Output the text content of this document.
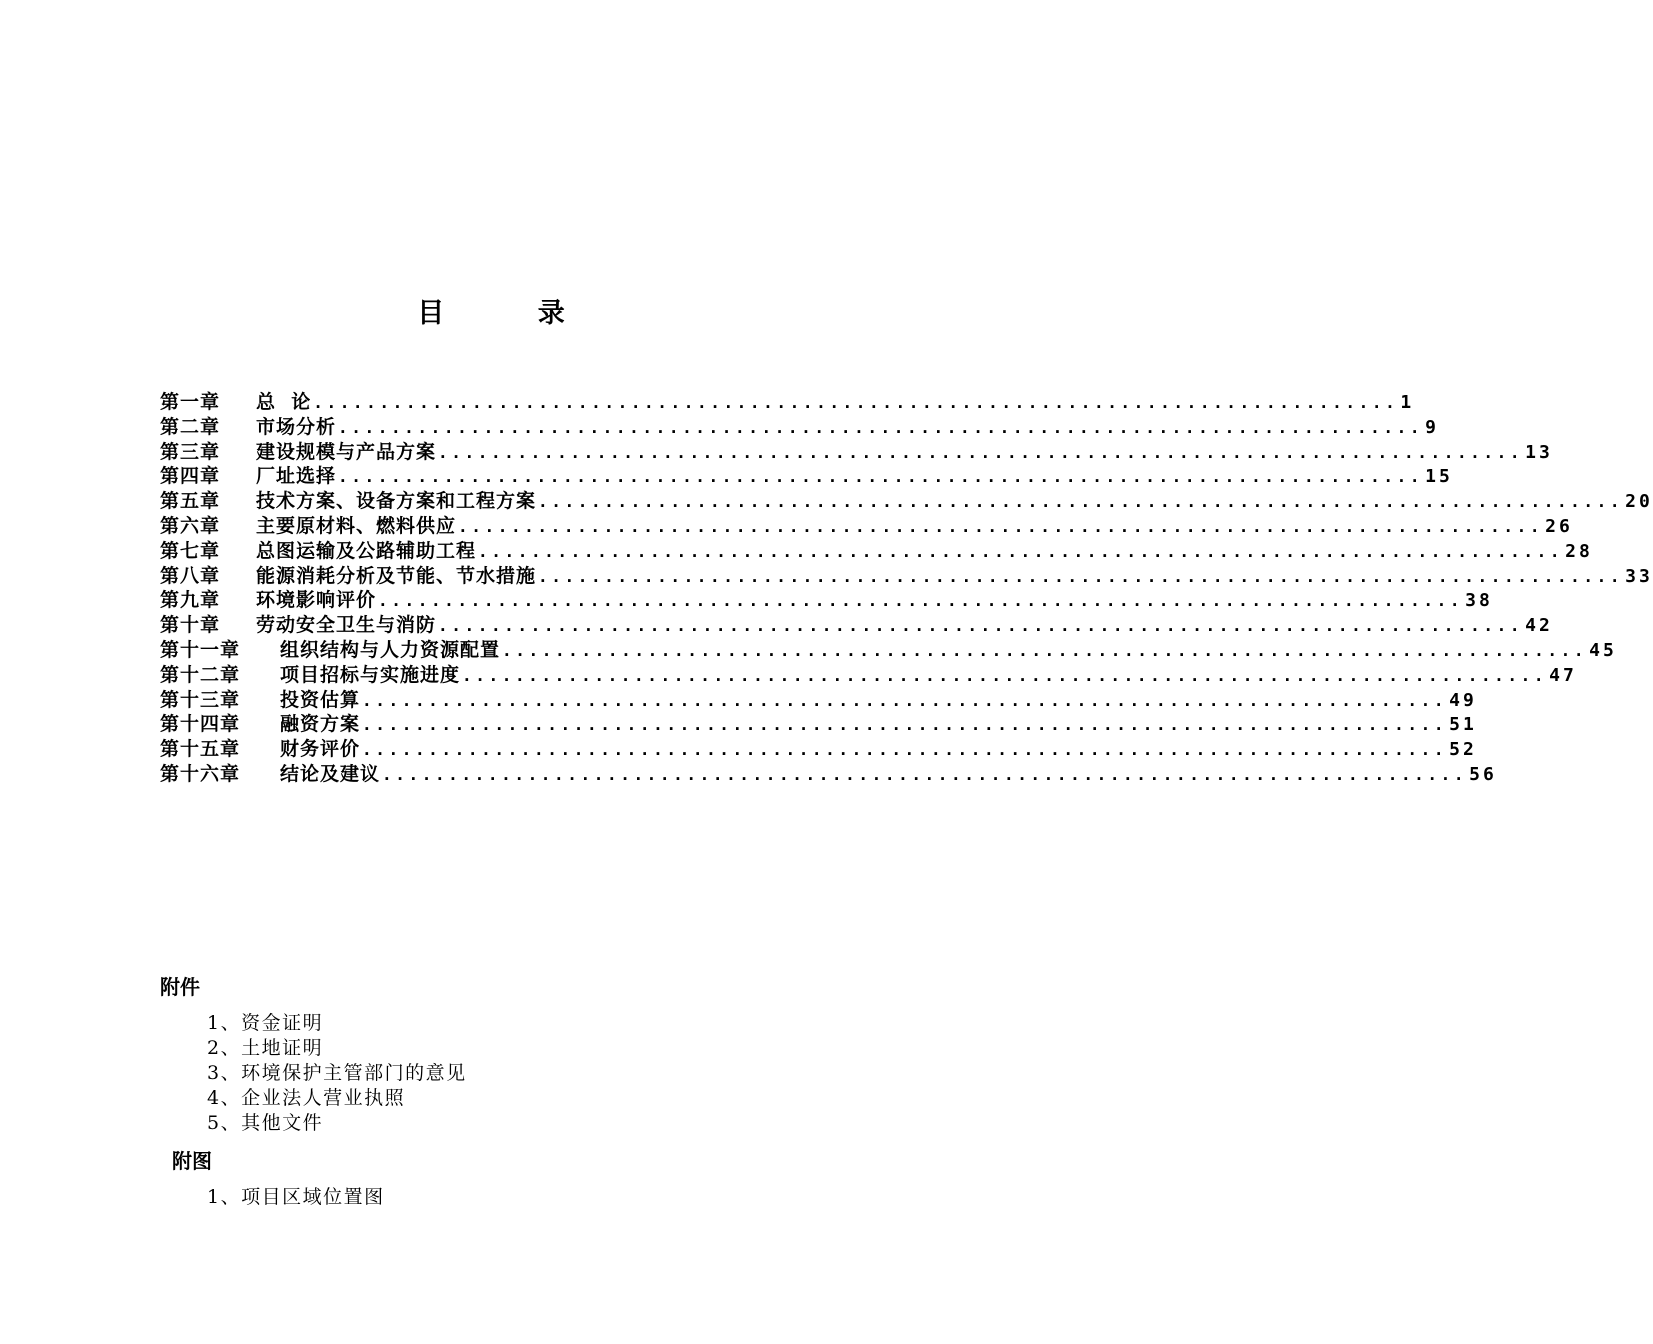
目 录
第一章	总  论 .................................................................................. 1
第二章	市场分析 .................................................................................. 9
第三章	建设规模与产品方案 .................................................................................. 13
第四章	厂址选择 .................................................................................. 15
第五章	技术方案、设备方案和工程方案 .................................................................................. 20
第六章	主要原材料、燃料供应 .................................................................................. 26
第七章	总图运输及公路辅助工程 .................................................................................. 28
第八章	能源消耗分析及节能、节水措施 .................................................................................. 33
第九章	环境影响评价 .................................................................................. 38
第十章	劳动安全卫生与消防 .................................................................................. 42
第十一章	组织结构与人力资源配置 .................................................................................. 45
第十二章	项目招标与实施进度 .................................................................................. 47
第十三章	投资估算 .................................................................................. 49
第十四章	融资方案 .................................................................................. 51
第十五章	财务评价 .................................................................................. 52
第十六章	结论及建议 .................................................................................. 56
附件
1、资金证明
2、土地证明
3、环境保护主管部门的意见
4、企业法人营业执照
5、其他文件
附图
1、项目区域位置图
